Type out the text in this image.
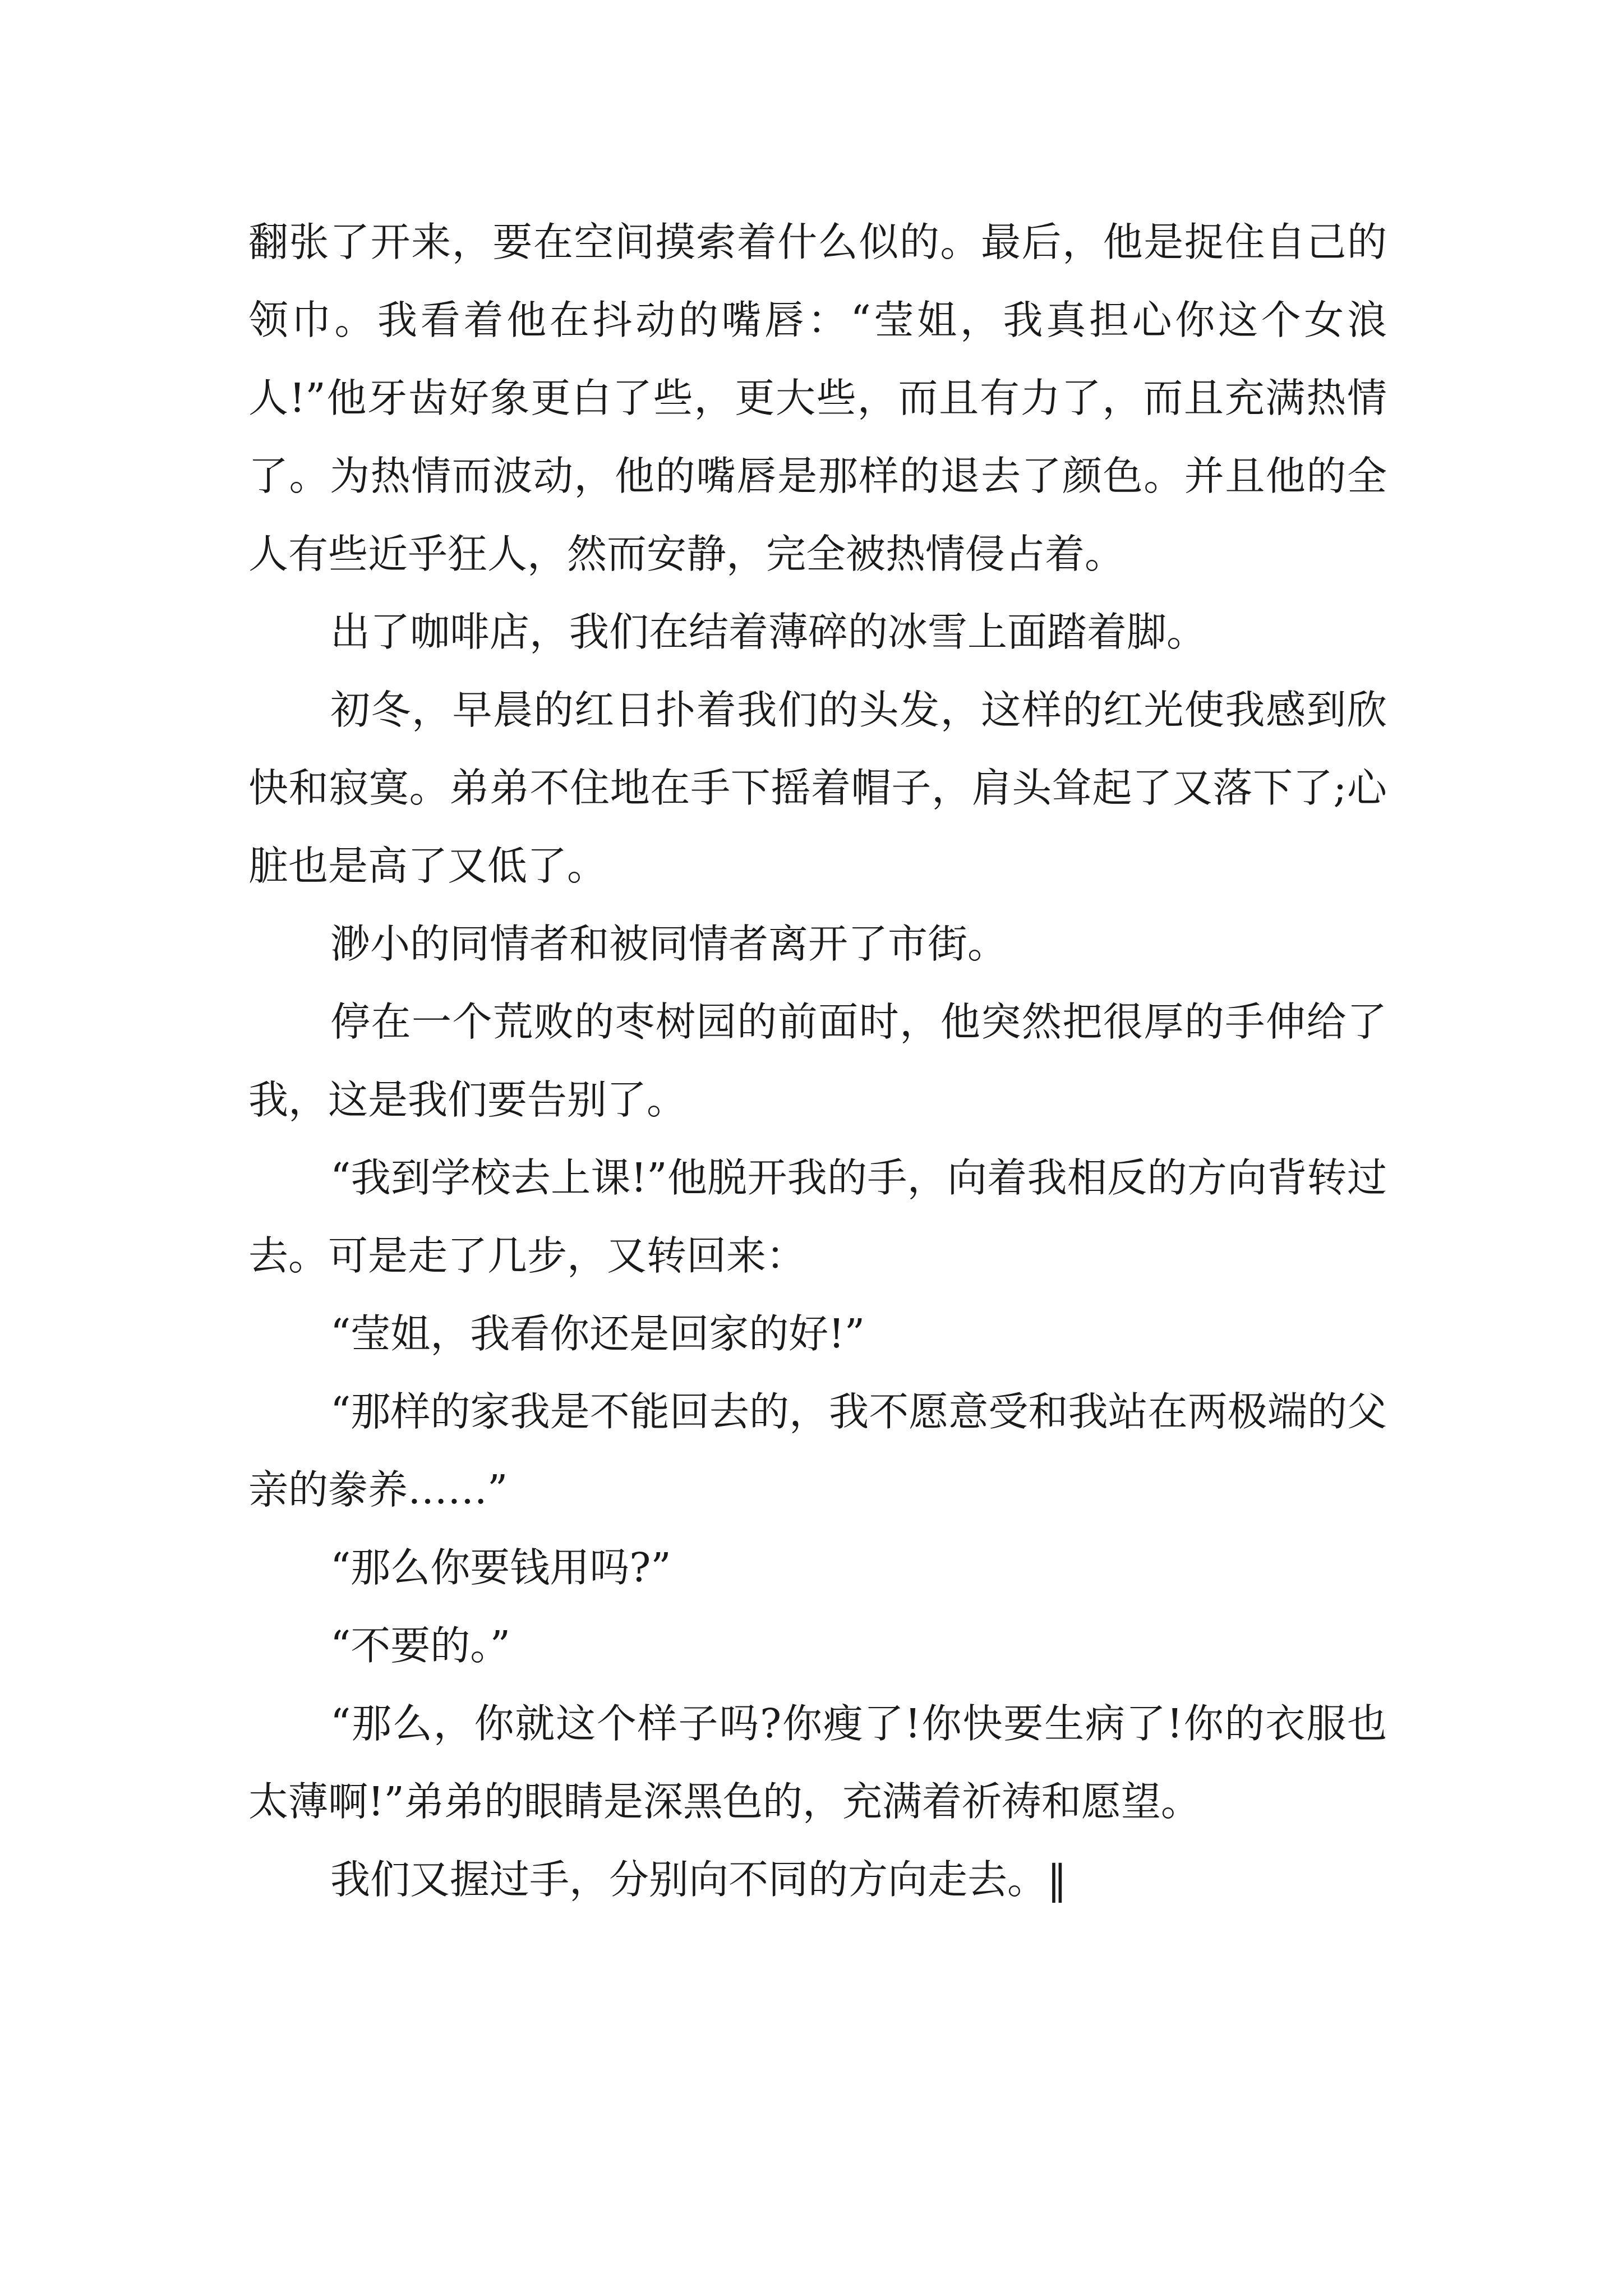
翻张了开来，要在空间摸索着什么似的。最后，他是捉住自己的领巾。我看着他在抖动的嘴唇：“莹姐，我真担心你这个女浪人!”他牙齿好象更白了些，更大些，而且有力了，而且充满热情了。为热情而波动，他的嘴唇是那样的退去了颜色。并且他的全人有些近乎狂人，然而安静，完全被热情侵占着。

出了咖啡店，我们在结着薄碎的冰雪上面踏着脚。

初冬，早晨的红日扑着我们的头发，这样的红光使我感到欣快和寂寞。弟弟不住地在手下摇着帽子，肩头耸起了又落下了;心脏也是高了又低了。

渺小的同情者和被同情者离开了市街。

停在一个荒败的枣树园的前面时，他突然把很厚的手伸给了我，这是我们要告别了。

“我到学校去上课!”他脱开我的手，向着我相反的方向背转过去。可是走了几步，又转回来：

“莹姐，我看你还是回家的好!”

“那样的家我是不能回去的，我不愿意受和我站在两极端的父亲的豢养……”

“那么你要钱用吗?”

“不要的。”

“那么，你就这个样子吗?你瘦了!你快要生病了!你的衣服也太薄啊!”弟弟的眼睛是深黑色的，充满着祈祷和愿望。

我们又握过手，分别向不同的方向走去。‖
